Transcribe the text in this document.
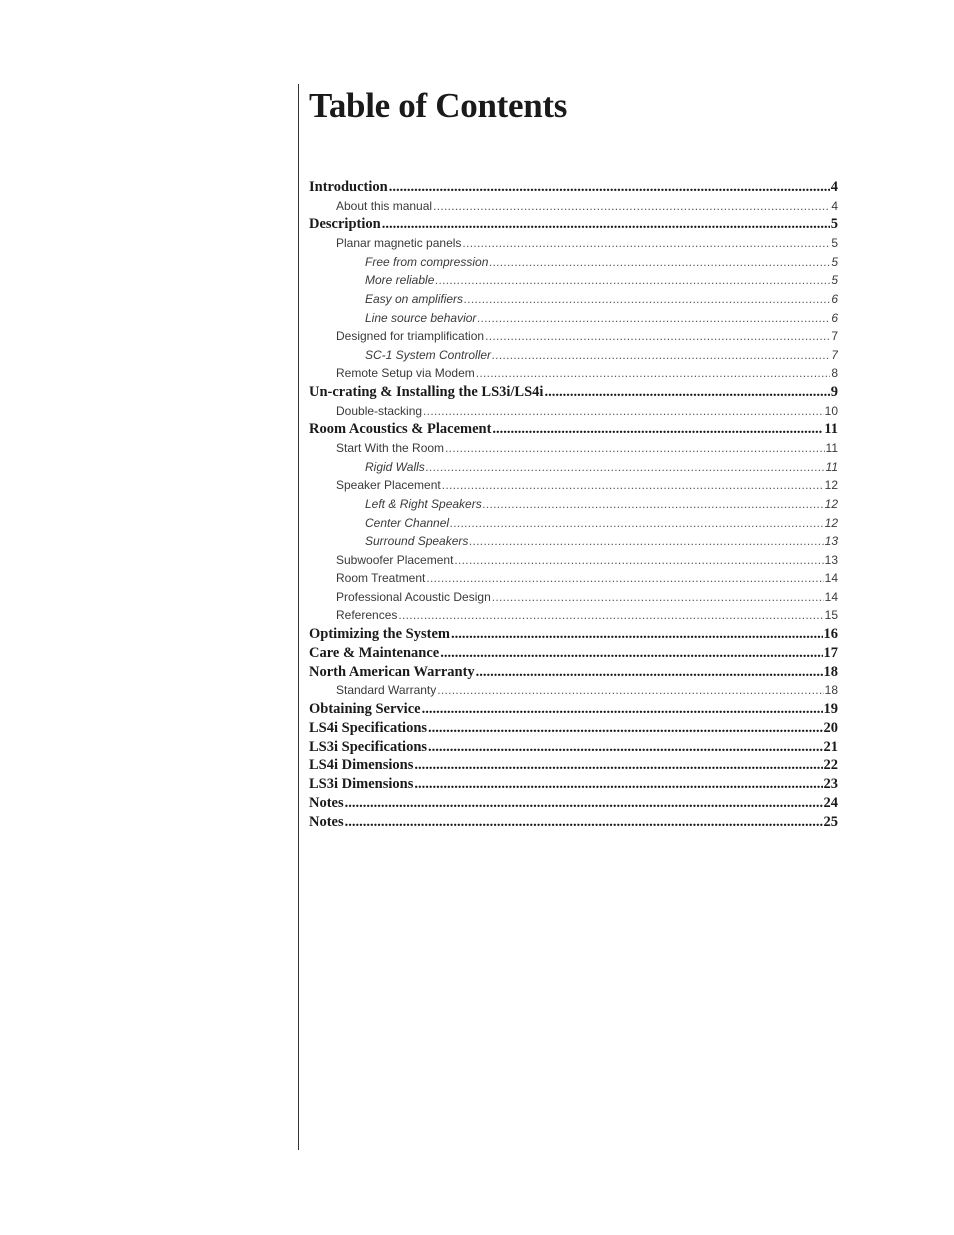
Table of Contents
Introduction .....	4
About this manual .....	4
Description .....	5
Planar magnetic panels .....	5
Free from compression .....	5
More reliable .....	5
Easy on amplifiers .....	6
Line source behavior .....	6
Designed for triamplification .....	7
SC-1 System Controller .....	7
Remote Setup via Modem .....	8
Un-crating & Installing the LS3i/LS4i .....	9
Double-stacking .....	10
Room Acoustics & Placement .....	11
Start With the Room .....	11
Rigid Walls .....	11
Speaker Placement .....	12
Left & Right Speakers .....	12
Center Channel .....	12
Surround Speakers .....	13
Subwoofer Placement .....	13
Room Treatment .....	14
Professional Acoustic Design .....	14
References .....	15
Optimizing the System .....	16
Care & Maintenance .....	17
North American Warranty .....	18
Standard Warranty .....	18
Obtaining Service .....	19
LS4i Specifications .....	20
LS3i Specifications .....	21
LS4i Dimensions .....	22
LS3i Dimensions .....	23
Notes .....	24
Notes .....	25
